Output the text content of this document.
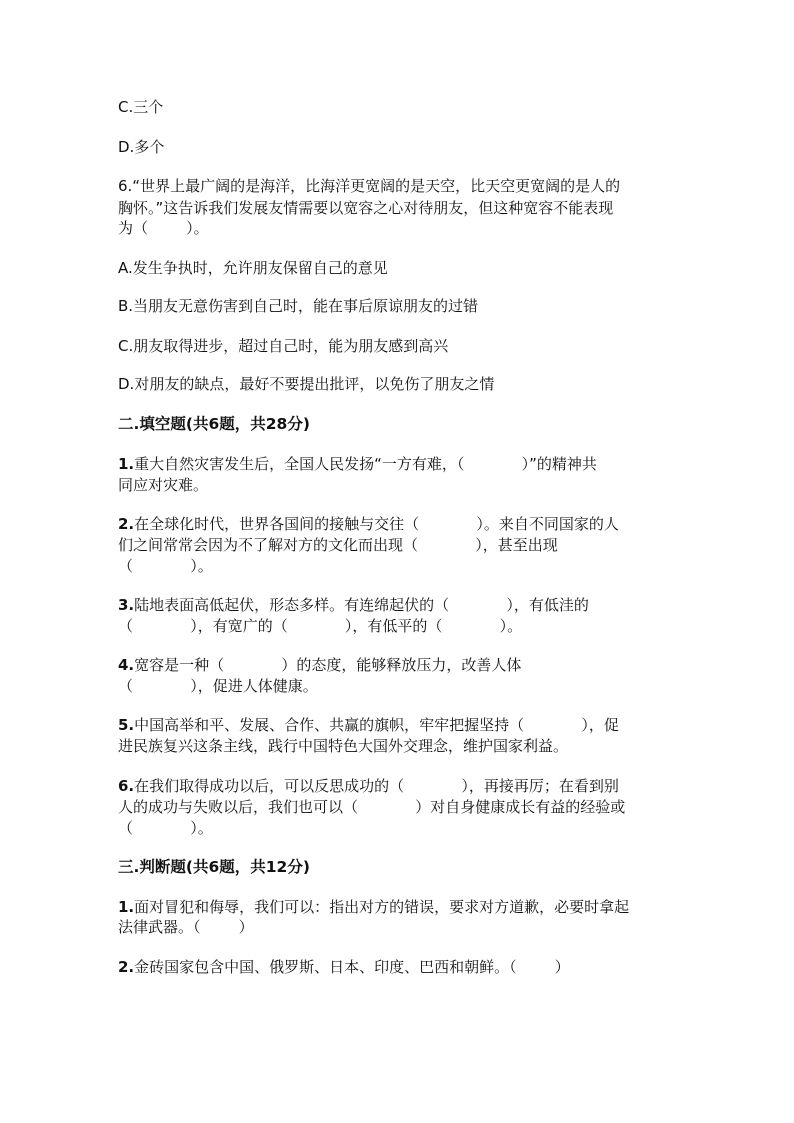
C.三个
D.多个
6.“世界上最广阔的是海洋，比海洋更宽阔的是天空，比天空更宽阔的是人的
胸怀。”这告诉我们发展友情需要以宽容之心对待朋友，但这种宽容不能表现
为（        ）。
A.发生争执时，允许朋友保留自己的意见
B.当朋友无意伤害到自己时，能在事后原谅朋友的过错
C.朋友取得进步，超过自己时，能为朋友感到高兴
D.对朋友的缺点，最好不要提出批评，以免伤了朋友之情
二.填空题(共6题，共28分)
1.重大自然灾害发生后，全国人民发扬“一方有难，（            ）”的精神共
同应对灾难。
2.在全球化时代，世界各国间的接触与交往（            ）。来自不同国家的人
们之间常常会因为不了解对方的文化而出现（            ），甚至出现
（            ）。
3.陆地表面高低起伏，形态多样。有连绵起伏的（            ），有低洼的
（            ），有宽广的（            ），有低平的（            ）。
4.宽容是一种（            ）的态度，能够释放压力，改善人体
（            ），促进人体健康。
5.中国高举和平、发展、合作、共赢的旗帜，牢牢把握坚持（            ），促
进民族复兴这条主线，践行中国特色大国外交理念，维护国家利益。
6.在我们取得成功以后，可以反思成功的（            ），再接再厉；在看到别
人的成功与失败以后，我们也可以（            ）对自身健康成长有益的经验或
（            ）。
三.判断题(共6题，共12分)
1.面对冒犯和侮辱，我们可以：指出对方的错误，要求对方道歉，必要时拿起
法律武器。（        ）
2.金砖国家包含中国、俄罗斯、日本、印度、巴西和朝鲜。（        ）
